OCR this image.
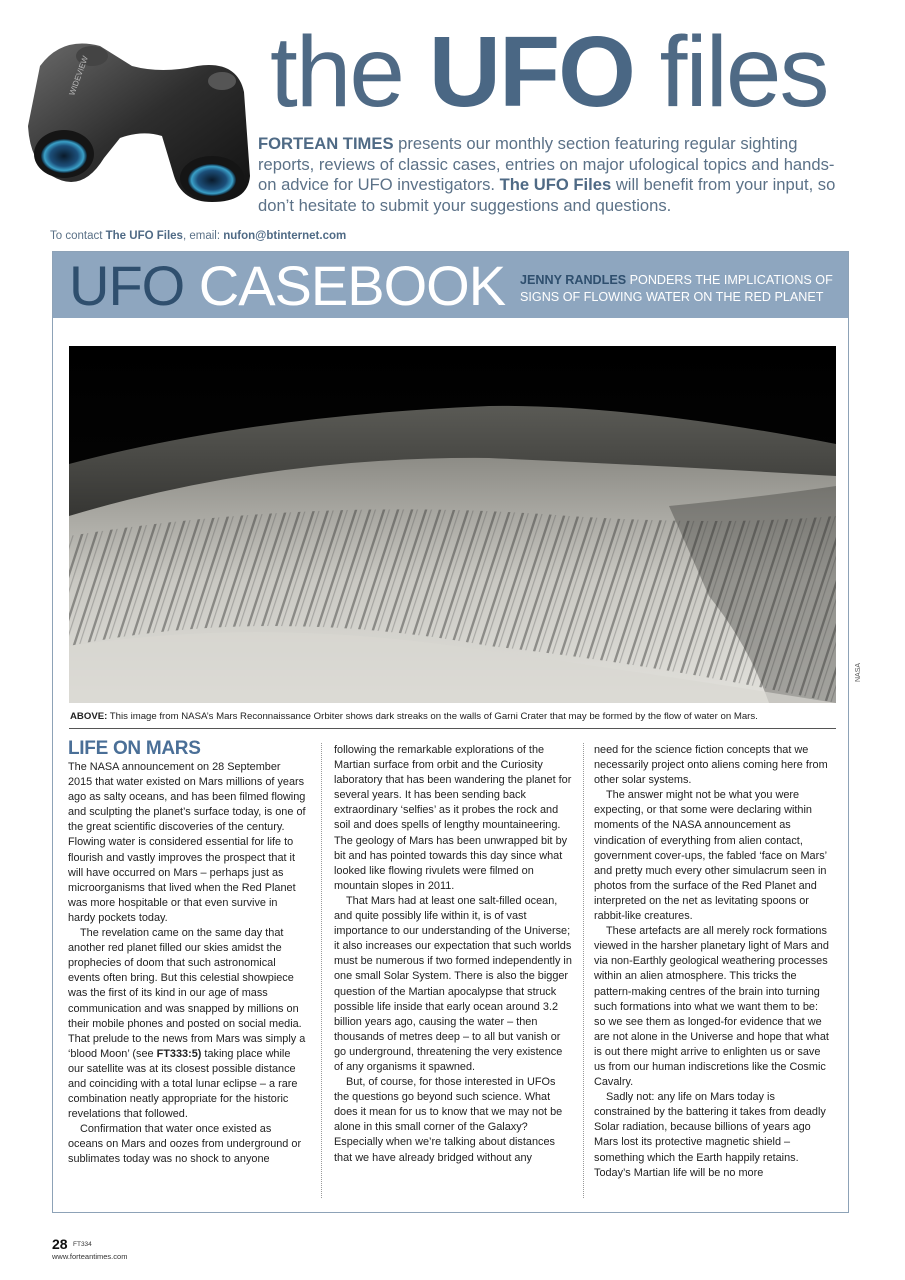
WIDEVIEW the UFO files
FORTEAN TIMES presents our monthly section featuring regular sighting reports, reviews of classic cases, entries on major ufological topics and hands-on advice for UFO investigators. The UFO Files will benefit from your input, so don’t hesitate to submit your suggestions and questions.
To contact The UFO Files, email: nufon@btinternet.com
UFO CASEBOOK JENNY RANDLES PONDERS THE IMPLICATIONS OF SIGNS OF FLOWING WATER ON THE RED PLANET
NASA
ABOVE: This image from NASA’s Mars Reconnaissance Orbiter shows dark streaks on the walls of Garni Crater that may be formed by the flow of water on Mars.
LIFE ON MARS

The NASA announcement on 28 September 2015 that water existed on Mars millions of years ago as salty oceans, and has been filmed flowing and sculpting the planet’s surface today, is one of the great scientific discoveries of the century. Flowing water is considered essential for life to flourish and vastly improves the prospect that it will have occurred on Mars – perhaps just as microorganisms that lived when the Red Planet was more hospitable or that even survive in hardy pockets today.

The revelation came on the same day that another red planet filled our skies amidst the prophecies of doom that such astronomical events often bring. But this celestial showpiece was the first of its kind in our age of mass communication and was snapped by millions on their mobile phones and posted on social media. That prelude to the news from Mars was simply a ‘blood Moon’ (see FT333:5) taking place while our satellite was at its closest possible distance and coinciding with a total lunar eclipse – a rare combination neatly appropriate for the historic revelations that followed.

Confirmation that water once existed as oceans on Mars and oozes from underground or sublimates today was no shock to anyone

following the remarkable explorations of the Martian surface from orbit and the Curiosity laboratory that has been wandering the planet for several years. It has been sending back extraordinary ‘selfies’ as it probes the rock and soil and does spells of lengthy mountaineering. The geology of Mars has been unwrapped bit by bit and has pointed towards this day since what looked like flowing rivulets were filmed on mountain slopes in 2011.

That Mars had at least one salt-filled ocean, and quite possibly life within it, is of vast importance to our understanding of the Universe; it also increases our expectation that such worlds must be numerous if two formed independently in one small Solar System. There is also the bigger question of the Martian apocalypse that struck possible life inside that early ocean around 3.2 billion years ago, causing the water – then thousands of metres deep – to all but vanish or go underground, threatening the very existence of any organisms it spawned.

But, of course, for those interested in UFOs the questions go beyond such science. What does it mean for us to know that we may not be alone in this small corner of the Galaxy? Especially when we’re talking about distances that we have already bridged without any

need for the science fiction concepts that we necessarily project onto aliens coming here from other solar systems.

The answer might not be what you were expecting, or that some were declaring within moments of the NASA announcement as vindication of everything from alien contact, government cover-ups, the fabled ‘face on Mars’ and pretty much every other simulacrum seen in photos from the surface of the Red Planet and interpreted on the net as levitating spoons or rabbit-like creatures.

These artefacts are all merely rock formations viewed in the harsher planetary light of Mars and via non-Earthly geological weathering processes within an alien atmosphere. This tricks the pattern-making centres of the brain into turning such formations into what we want them to be: so we see them as longed-for evidence that we are not alone in the Universe and hope that what is out there might arrive to enlighten us or save us from our human indiscretions like the Cosmic Cavalry.

Sadly not: any life on Mars today is constrained by the battering it takes from deadly Solar radiation, because billions of years ago Mars lost its protective magnetic shield – something which the Earth happily retains. Today’s Martian life will be no more

28 FT334
www.forteantimes.com
